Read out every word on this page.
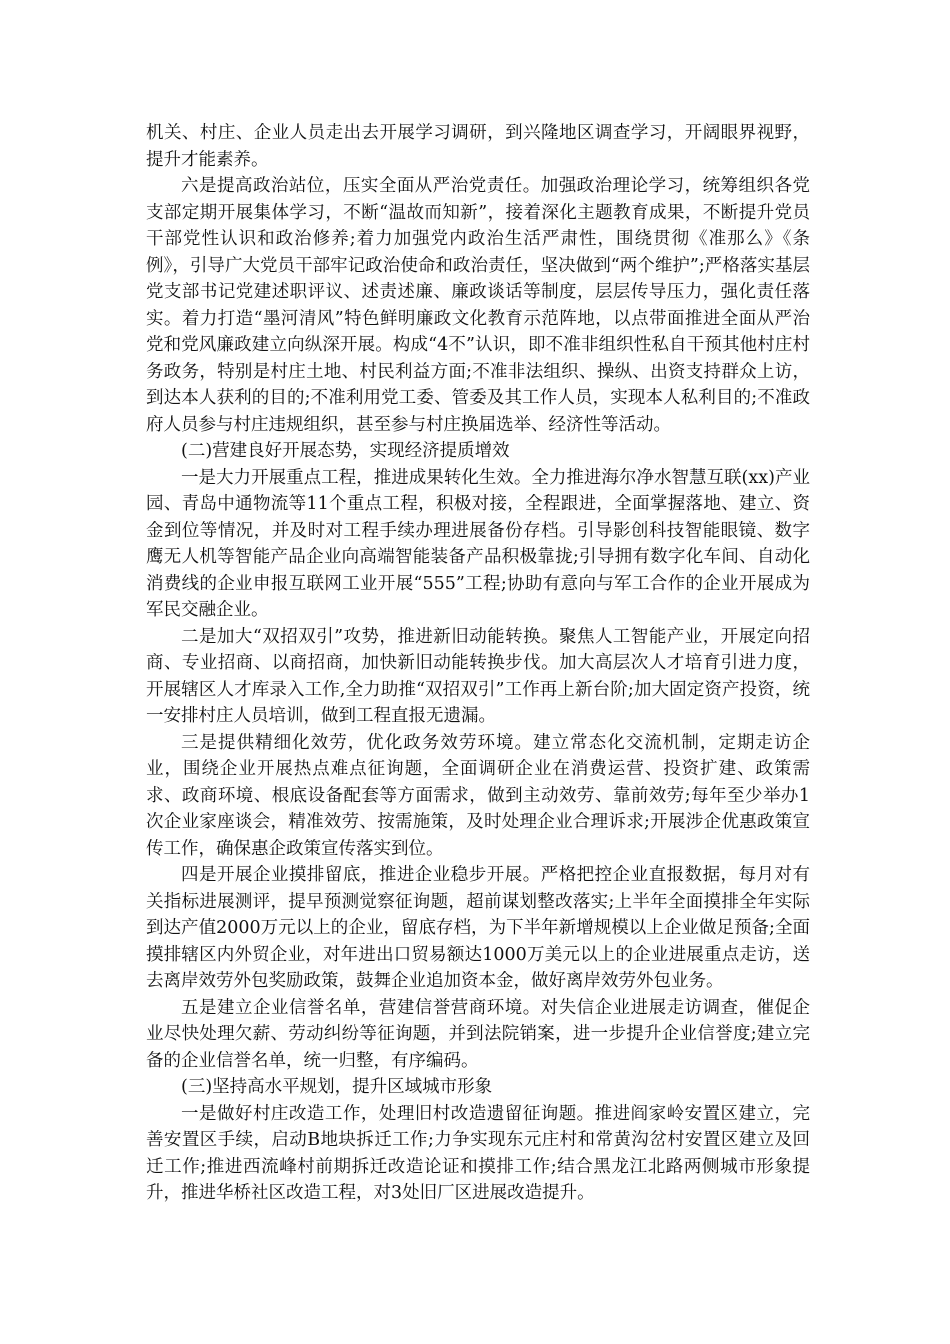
机关、村庄、企业人员走出去开展学习调研，到兴隆地区调查学习，开阔眼界视野，提升才能素养。

六是提高政治站位，压实全面从严治党责任。加强政治理论学习，统筹组织各党支部定期开展集体学习，不断“温故而知新”，接着深化主题教育成果，不断提升党员干部党性认识和政治修养;着力加强党内政治生活严肃性，围绕贯彻《准那么》《条例》，引导广大党员干部牢记政治使命和政治责任，坚决做到“两个维护”;严格落实基层党支部书记党建述职评议、述责述廉、廉政谈话等制度，层层传导压力，强化责任落实。着力打造“墨河清风”特色鲜明廉政文化教育示范阵地，以点带面推进全面从严治党和党风廉政建立向纵深开展。构成“4不”认识，即不准非组织性私自干预其他村庄村务政务，特别是村庄土地、村民利益方面;不准非法组织、操纵、出资支持群众上访，到达本人获利的目的;不准利用党工委、管委及其工作人员，实现本人私利目的;不准政府人员参与村庄违规组织，甚至参与村庄换届选举、经济性等活动。

(二)营建良好开展态势，实现经济提质增效

一是大力开展重点工程，推进成果转化生效。全力推进海尔净水智慧互联(xx)产业园、青岛中通物流等11个重点工程，积极对接，全程跟进，全面掌握落地、建立、资金到位等情况，并及时对工程手续办理进展备份存档。引导影创科技智能眼镜、数字鹰无人机等智能产品企业向高端智能装备产品积极靠拢;引导拥有数字化车间、自动化消费线的企业申报互联网工业开展“555”工程;协助有意向与军工合作的企业开展成为军民交融企业。

二是加大“双招双引”攻势，推进新旧动能转换。聚焦人工智能产业，开展定向招商、专业招商、以商招商，加快新旧动能转换步伐。加大高层次人才培育引进力度，开展辖区人才库录入工作,全力助推“双招双引”工作再上新台阶;加大固定资产投资，统一安排村庄人员培训，做到工程直报无遗漏。

三是提供精细化效劳，优化政务效劳环境。建立常态化交流机制，定期走访企业，围绕企业开展热点难点征询题，全面调研企业在消费运营、投资扩建、政策需求、政商环境、根底设备配套等方面需求，做到主动效劳、靠前效劳;每年至少举办1次企业家座谈会，精准效劳、按需施策，及时处理企业合理诉求;开展涉企优惠政策宣传工作，确保惠企政策宣传落实到位。

四是开展企业摸排留底，推进企业稳步开展。严格把控企业直报数据，每月对有关指标进展测评，提早预测觉察征询题，超前谋划整改落实;上半年全面摸排全年实际到达产值2000万元以上的企业，留底存档，为下半年新增规模以上企业做足预备;全面摸排辖区内外贸企业，对年进出口贸易额达1000万美元以上的企业进展重点走访，送去离岸效劳外包奖励政策，鼓舞企业追加资本金，做好离岸效劳外包业务。

五是建立企业信誉名单，营建信誉营商环境。对失信企业进展走访调查，催促企业尽快处理欠薪、劳动纠纷等征询题，并到法院销案，进一步提升企业信誉度;建立完备的企业信誉名单，统一归整，有序编码。

(三)坚持高水平规划，提升区域城市形象

一是做好村庄改造工作，处理旧村改造遗留征询题。推进阎家岭安置区建立，完善安置区手续，启动B地块拆迁工作;力争实现东元庄村和常黄沟岔村安置区建立及回迁工作;推进西流峰村前期拆迁改造论证和摸排工作;结合黑龙江北路两侧城市形象提升，推进华桥社区改造工程，对3处旧厂区进展改造提升。
